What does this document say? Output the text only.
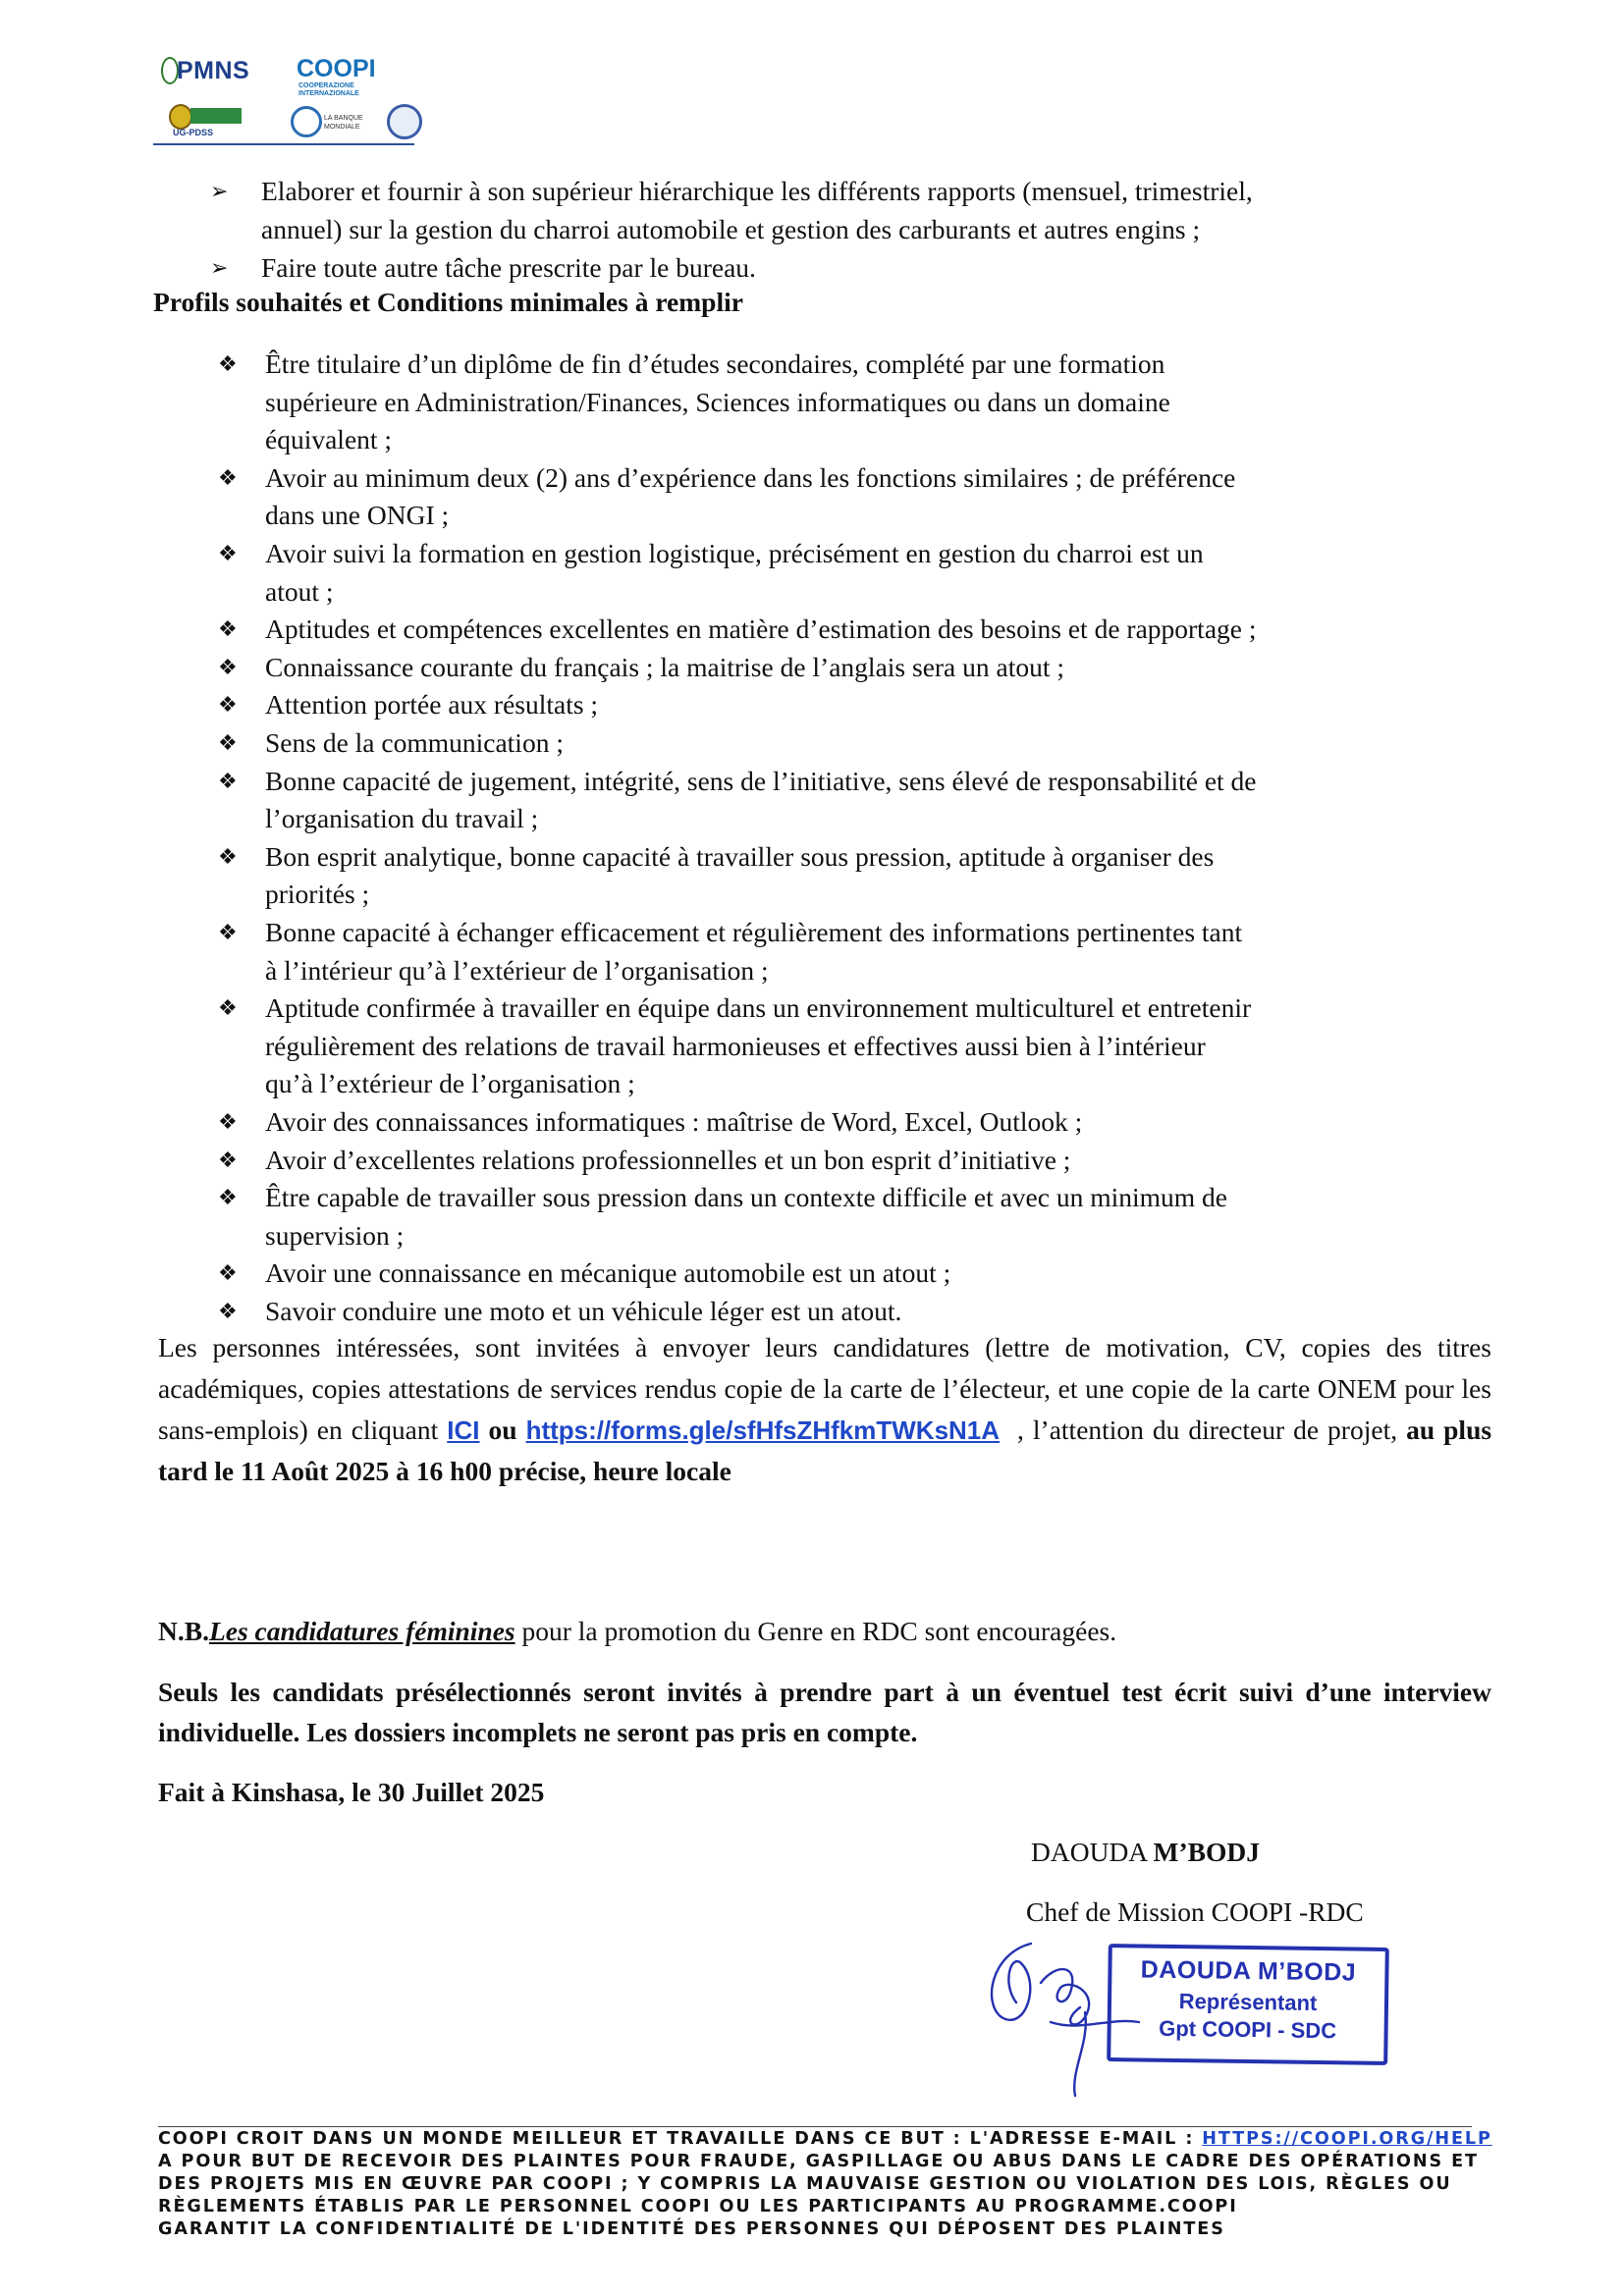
PMNS COOPI
COOPERAZIONE INTERNAZIONALE
UG-PDSS
LA BANQUE MONDIALE
➢ Elaborer et fournir à son supérieur hiérarchique les différents rapports (mensuel, trimestriel,
annuel) sur la gestion du charroi automobile et gestion des carburants et autres engins ;
➢ Faire toute autre tâche prescrite par le bureau.
Profils souhaités et Conditions minimales à remplir
❖ Être titulaire d’un diplôme de fin d’études secondaires, complété par une formation
supérieure en Administration/Finances, Sciences informatiques ou dans un domaine
équivalent ;
❖ Avoir au minimum deux (2) ans d’expérience dans les fonctions similaires ; de préférence
dans une ONGI ;
❖ Avoir suivi la formation en gestion logistique, précisément en gestion du charroi est un
atout ;
❖ Aptitudes et compétences excellentes en matière d’estimation des besoins et de rapportage ;
❖ Connaissance courante du français ; la maitrise de l’anglais sera un atout ;
❖ Attention portée aux résultats ;
❖ Sens de la communication ;
❖ Bonne capacité de jugement, intégrité, sens de l’initiative, sens élevé de responsabilité et de
l’organisation du travail ;
❖ Bon esprit analytique, bonne capacité à travailler sous pression, aptitude à organiser des
priorités ;
❖ Bonne capacité à échanger efficacement et régulièrement des informations pertinentes tant
à l’intérieur qu’à l’extérieur de l’organisation ;
❖ Aptitude confirmée à travailler en équipe dans un environnement multiculturel et entretenir
régulièrement des relations de travail harmonieuses et effectives aussi bien à l’intérieur
qu’à l’extérieur de l’organisation ;
❖ Avoir des connaissances informatiques : maîtrise de Word, Excel, Outlook ;
❖ Avoir d’excellentes relations professionnelles et un bon esprit d’initiative ;
❖ Être capable de travailler sous pression dans un contexte difficile et avec un minimum de
supervision ;
❖ Avoir une connaissance en mécanique automobile est un atout ;
❖ Savoir conduire une moto et un véhicule léger est un atout.
Les personnes intéressées, sont invitées à envoyer leurs candidatures (lettre de motivation, CV, copies des titres académiques, copies attestations de services rendus copie de la carte de l’électeur, et une copie de la carte ONEM pour les sans-emplois) en cliquant ICI ou https://forms.gle/sfHfsZHfkmTWKsN1A , l’attention du directeur de projet, au plus tard le 11 Août 2025 à 16 h00 précise, heure locale
N.B.Les candidatures féminines pour la promotion du Genre en RDC sont encouragées.
Seuls les candidats présélectionnés seront invités à prendre part à un éventuel test écrit suivi d’une interview individuelle. Les dossiers incomplets ne seront pas pris en compte.
Fait à Kinshasa, le 30 Juillet 2025
DAOUDA M’BODJ
Chef de Mission COOPI -RDC
DAOUDA M’BODJ
Représentant
Gpt COOPI - SDC
COOPI CROIT DANS UN MONDE MEILLEUR ET TRAVAILLE DANS CE BUT : L'ADRESSE E-MAIL : HTTPS://COOPI.ORG/HELP
A POUR BUT DE RECEVOIR DES PLAINTES POUR FRAUDE, GASPILLAGE OU ABUS DANS LE CADRE DES OPÉRATIONS ET
DES PROJETS MIS EN ŒUVRE PAR COOPI ; Y COMPRIS LA MAUVAISE GESTION OU VIOLATION DES LOIS, RÈGLES OU
RÈGLEMENTS ÉTABLIS PAR LE PERSONNEL COOPI OU LES PARTICIPANTS AU PROGRAMME.COOPI
GARANTIT LA CONFIDENTIALITÉ DE L'IDENTITÉ DES PERSONNES QUI DÉPOSENT DES PLAINTES
